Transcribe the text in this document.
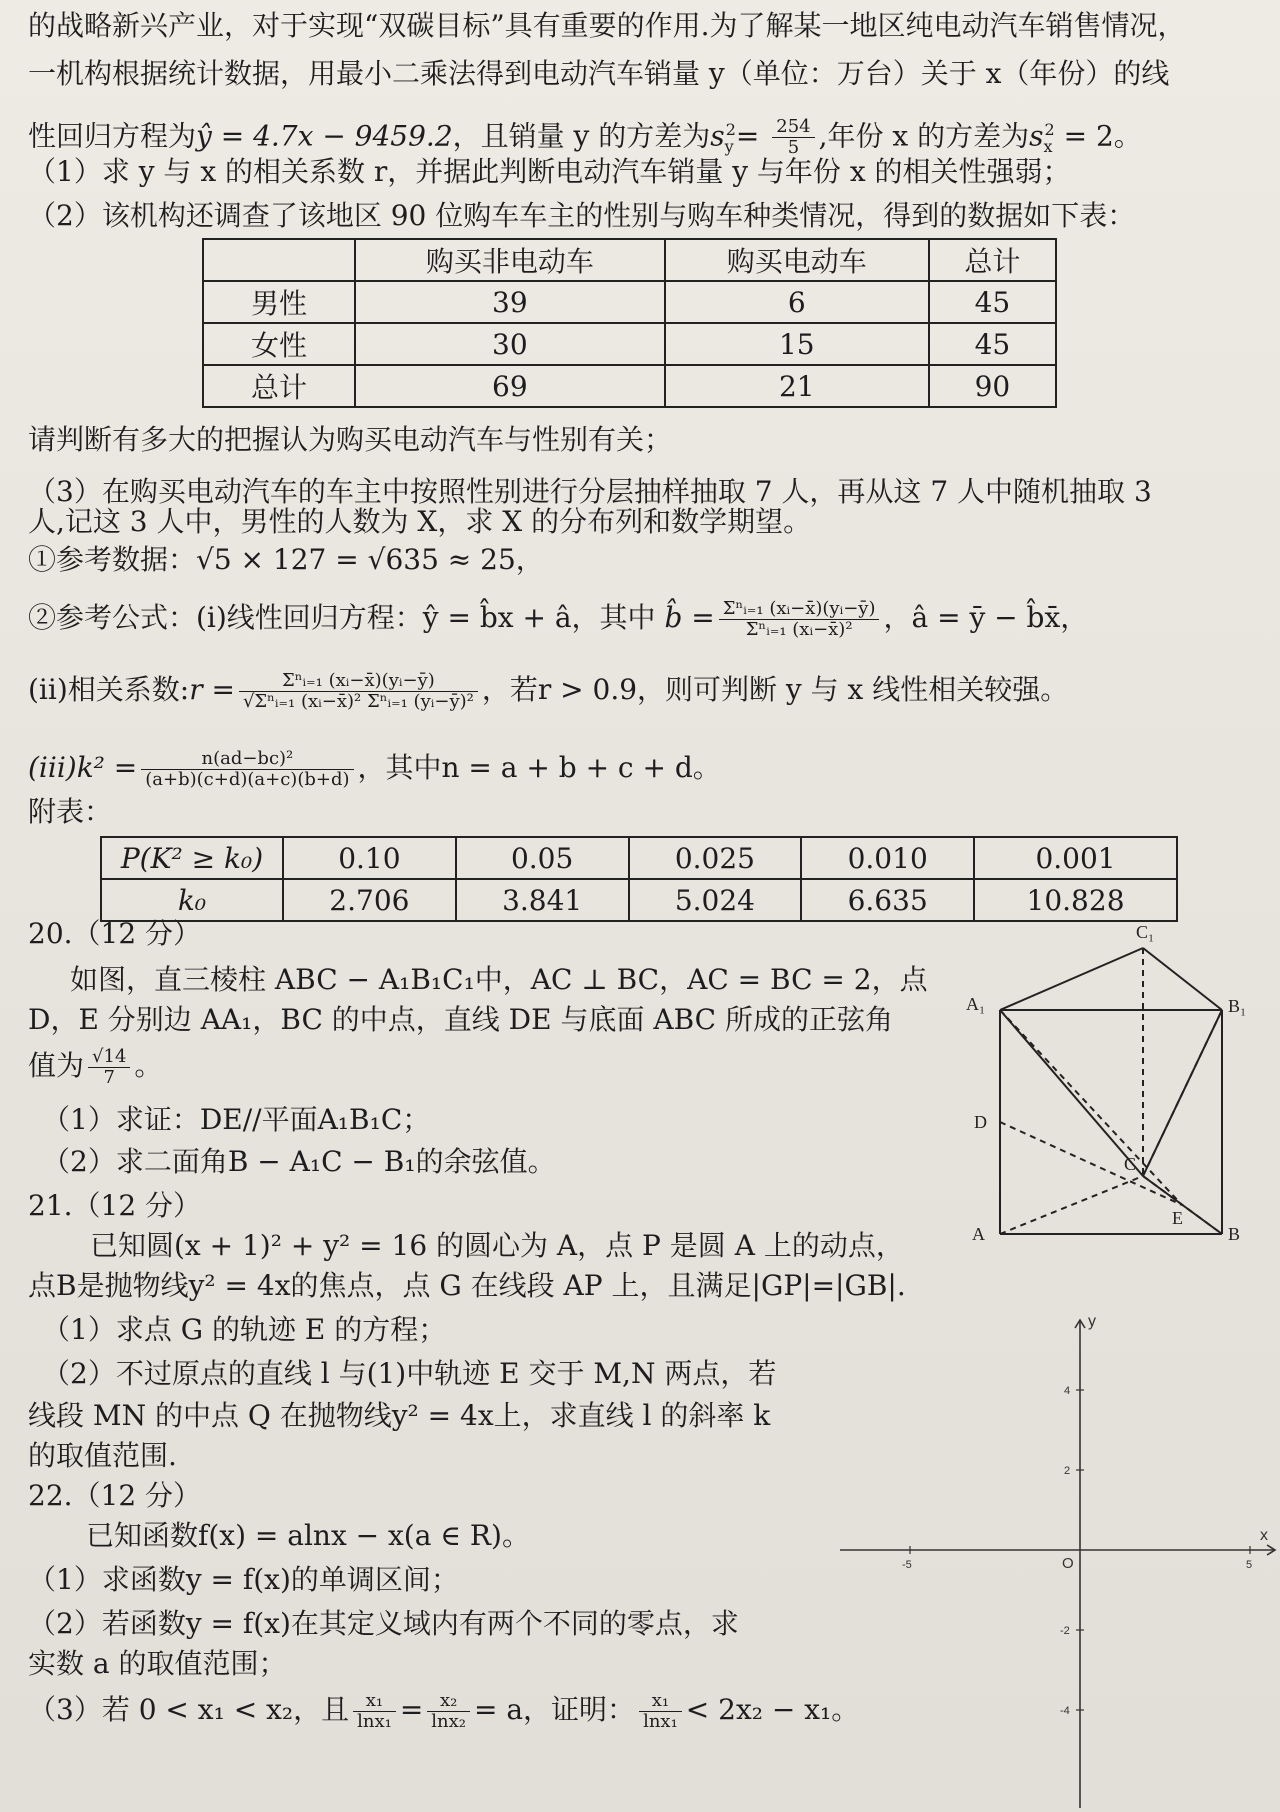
的战略新兴产业，对于实现“双碳目标”具有重要的作用.为了解某一地区纯电动汽车销售情况，
一机构根据统计数据，用最小二乘法得到电动汽车销量 y（单位：万台）关于 x（年份）的线
性回归方程为ŷ = 4.7x − 9459.2，且销量 y 的方差为$s_y^2= \frac{254}{5}$ ,年份 x 的方差为$s_x^2 = 2$。
（1）求 y 与 x 的相关系数 r，并据此判断电动汽车销量 y 与年份 x 的相关性强弱；
（2）该机构还调查了该地区 90 位购车车主的性别与购车种类情况，得到的数据如下表：
	购买非电动车	购买电动车	总计
男性	39	6	45
女性	30	15	45
总计	69	21	90
请判断有多大的把握认为购买电动汽车与性别有关；
（3）在购买电动汽车的车主中按照性别进行分层抽样抽取 7 人，再从这 7 人中随机抽取 3
人,记这 3 人中，男性的人数为 X，求 X 的分布列和数学期望。
①参考数据：√5 × 127 = √635 ≈ 25，
②参考公式：(i)线性回归方程：ŷ = b̂x + â，其中 b̂ = $\frac{\text{Σⁿᵢ₌₁ (xᵢ−x̄)(yᵢ−ȳ)}}{\text{Σⁿᵢ₌₁ (xᵢ−x̄)²}}$ ，â = ȳ − b̂x̄，
(ii)相关系数:r = $\frac{\text{Σⁿᵢ₌₁ (xᵢ−x̄)(yᵢ−ȳ)}}{\text{√Σⁿᵢ₌₁ (xᵢ−x̄)² Σⁿᵢ₌₁ (yᵢ−ȳ)²}}$ ，若r > 0.9，则可判断 y 与 x 线性相关较强。
$(iii)k^2 = \frac{\text{n(ad−bc)²}}{(a+b)(c+d)(a+c)(b+d)}$ ，其中n = a + b + c + d。
附表：
P(K² ≥ k₀)	0.10	0.05	0.025	0.010	0.001
k₀	2.706	3.841	5.024	6.635	10.828
20.（12 分）
如图，直三棱柱 ABC − A₁B₁C₁中，AC ⊥ BC，AC = BC = 2，点
D，E 分别边 AA₁，BC 的中点，直线 DE 与底面 ABC 所成的正弦角
值为 $\frac{√14}{7}$ 。
（1）求证：DE//平面A₁B₁C；
（2）求二面角B − A₁C − B₁的余弦值。
21.（12 分）
已知圆(x + 1)² + y² = 16 的圆心为 A，点 P 是圆 A 上的动点，
点B是抛物线y² = 4x的焦点，点 G 在线段 AP 上，且满足|GP|=|GB|.
（1）求点 G 的轨迹 E 的方程；
（2）不过原点的直线 l 与(1)中轨迹 E 交于 M,N 两点，若
线段 MN 的中点 Q 在抛物线y² = 4x上，求直线 l 的斜率 k
的取值范围.
22.（12 分）
已知函数f(x) = alnx − x(a ∈ R)。
（1）求函数y = f(x)的单调区间；
（2）若函数y = f(x)在其定义域内有两个不同的零点，求
实数 a 的取值范围；
（3）若 0 < x₁ < x₂，且 $\frac{\text{x₁}}{\text{lnx₁}} = \frac{\text{x₂}}{\text{lnx₂}} = a$，证明： $\frac{\text{x₁}}{\text{lnx₁}} < 2x_2 - x_1$。
C₁
A₁	B₁
D
C
E
A	B
x
y
O
-5	5
4
2
-2
-4
